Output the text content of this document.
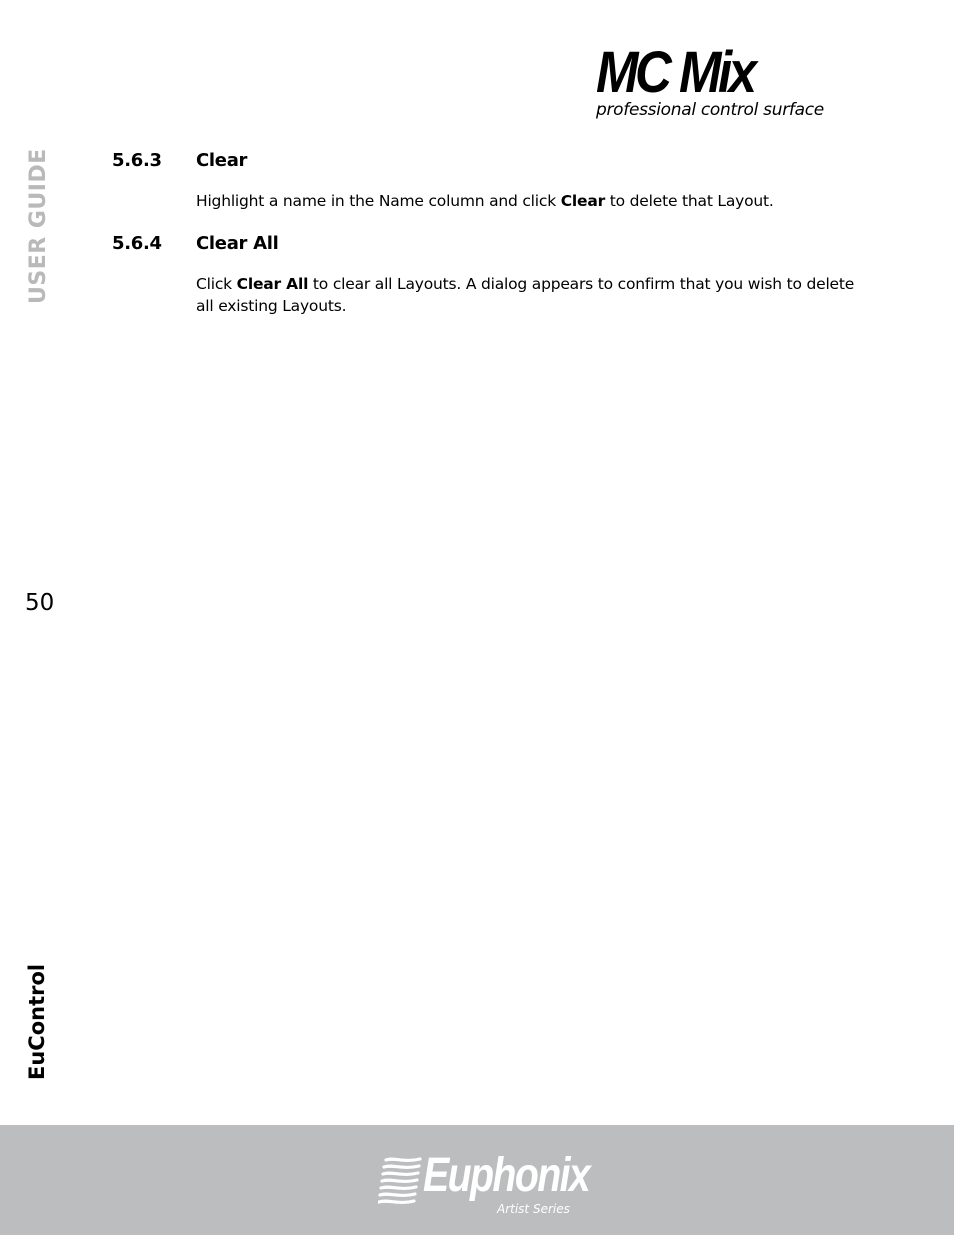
MC Mix
professional control surface
USER GUIDE
50
EuControl
5.6.3	Clear

Highlight a name in the Name column and click Clear to delete that Layout.

5.6.4	Clear All

Click Clear All to clear all Layouts. A dialog appears to confirm that you wish to delete all existing Layouts.

Euphonix
Artist Series
